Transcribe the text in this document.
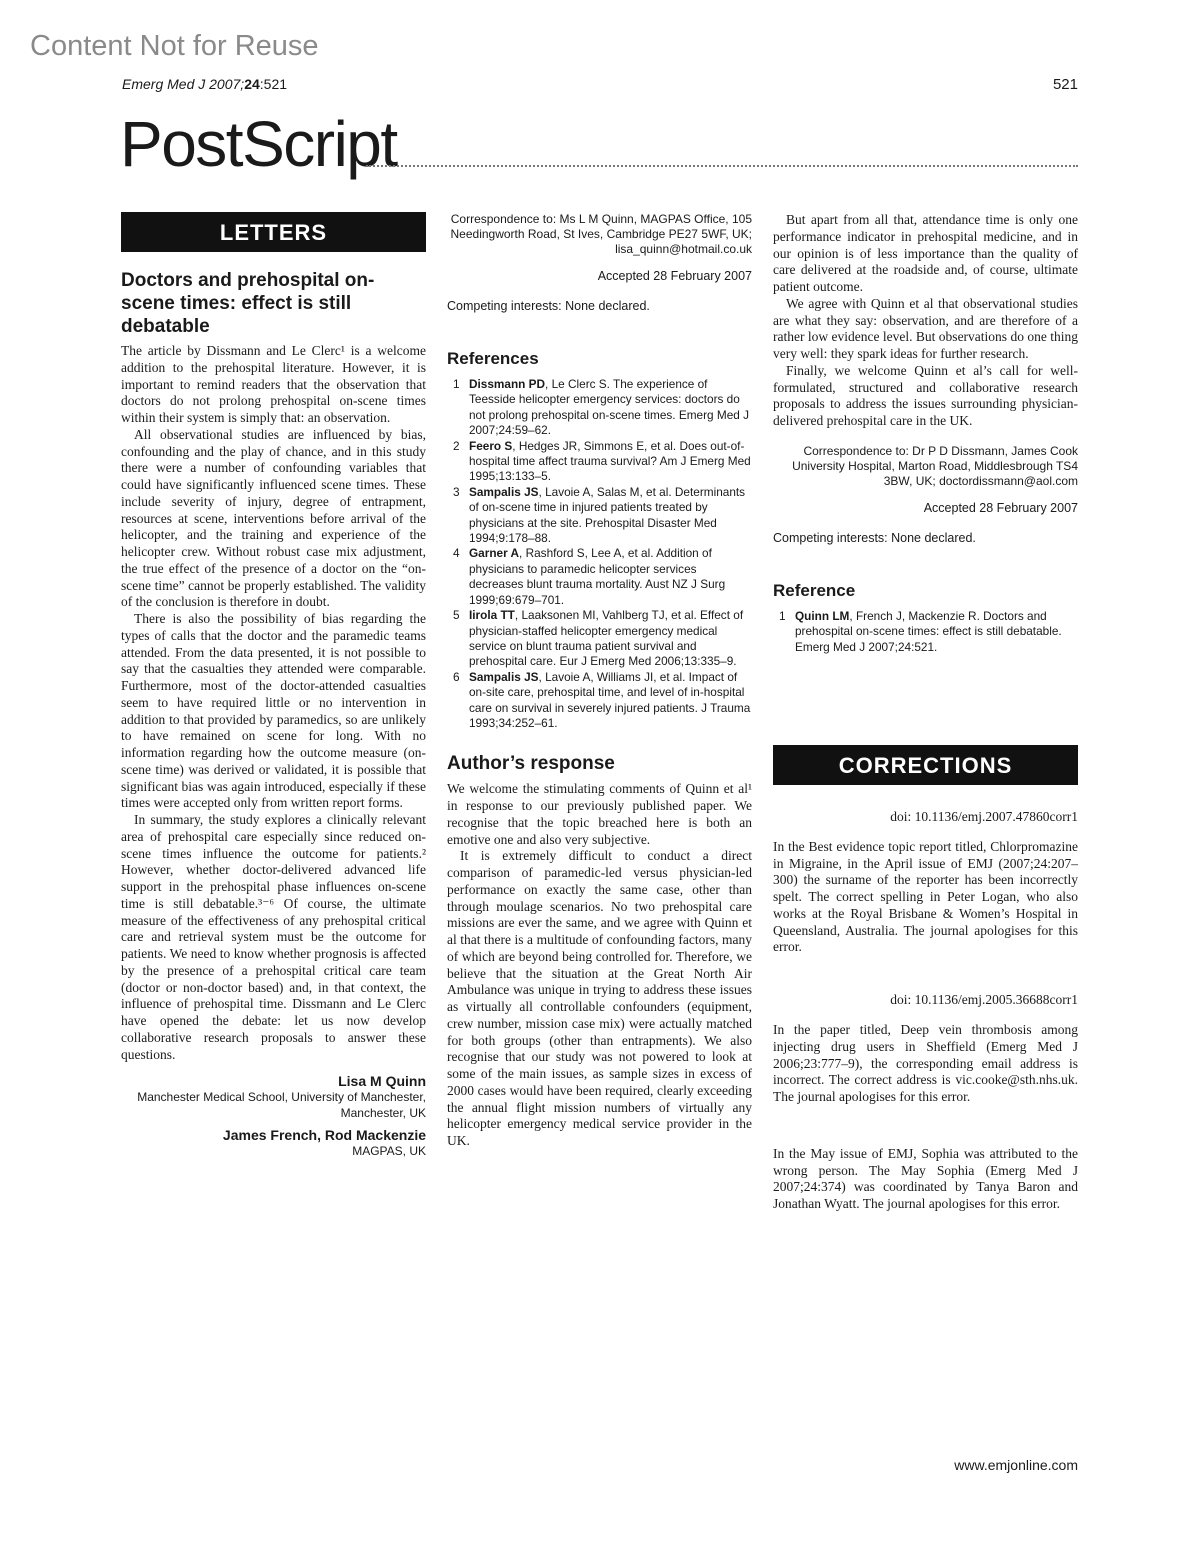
Content Not for Reuse
Emerg Med J 2007;24:521	521
PostScript
LETTERS
Doctors and prehospital on-scene times: effect is still debatable

The article by Dissmann and Le Clerc¹ is a welcome addition to the prehospital literature. However, it is important to remind readers that the observation that doctors do not prolong prehospital on-scene times within their system is simply that: an observation.

All observational studies are influenced by bias, confounding and the play of chance, and in this study there were a number of confounding variables that could have significantly influenced scene times. These include severity of injury, degree of entrapment, resources at scene, interventions before arrival of the helicopter, and the training and experience of the helicopter crew. Without robust case mix adjustment, the true effect of the presence of a doctor on the “on-scene time” cannot be properly established. The validity of the conclusion is therefore in doubt.

There is also the possibility of bias regarding the types of calls that the doctor and the paramedic teams attended. From the data presented, it is not possible to say that the casualties they attended were comparable. Furthermore, most of the doctor-attended casualties seem to have required little or no intervention in addition to that provided by paramedics, so are unlikely to have remained on scene for long. With no information regarding how the outcome measure (on-scene time) was derived or validated, it is possible that significant bias was again introduced, especially if these times were accepted only from written report forms.

In summary, the study explores a clinically relevant area of prehospital care especially since reduced on-scene times influence the outcome for patients.² However, whether doctor-delivered advanced life support in the prehospital phase influences on-scene time is still debatable.³⁻⁶ Of course, the ultimate measure of the effectiveness of any prehospital critical care and retrieval system must be the outcome for patients. We need to know whether prognosis is affected by the presence of a prehospital critical care team (doctor or non-doctor based) and, in that context, the influence of prehospital time. Dissmann and Le Clerc have opened the debate: let us now develop collaborative research proposals to answer these questions.

Lisa M Quinn
Manchester Medical School, University of Manchester, Manchester, UK
James French, Rod Mackenzie
MAGPAS, UK
Correspondence to: Ms L M Quinn, MAGPAS Office, 105 Needingworth Road, St Ives, Cambridge PE27 5WF, UK; lisa_quinn@hotmail.co.uk
Accepted 28 February 2007
Competing interests: None declared.
References
1 Dissmann PD, Le Clerc S. The experience of Teesside helicopter emergency services: doctors do not prolong prehospital on-scene times. Emerg Med J 2007;24:59–62.
2 Feero S, Hedges JR, Simmons E, et al. Does out-of-hospital time affect trauma survival? Am J Emerg Med 1995;13:133–5.
3 Sampalis JS, Lavoie A, Salas M, et al. Determinants of on-scene time in injured patients treated by physicians at the site. Prehospital Disaster Med 1994;9:178–88.
4 Garner A, Rashford S, Lee A, et al. Addition of physicians to paramedic helicopter services decreases blunt trauma mortality. Aust NZ J Surg 1999;69:679–701.
5 Iirola TT, Laaksonen MI, Vahlberg TJ, et al. Effect of physician-staffed helicopter emergency medical service on blunt trauma patient survival and prehospital care. Eur J Emerg Med 2006;13:335–9.
6 Sampalis JS, Lavoie A, Williams JI, et al. Impact of on-site care, prehospital time, and level of in-hospital care on survival in severely injured patients. J Trauma 1993;34:252–61.
Author’s response

We welcome the stimulating comments of Quinn et al¹ in response to our previously published paper. We recognise that the topic breached here is both an emotive one and also very subjective.

It is extremely difficult to conduct a direct comparison of paramedic-led versus physician-led performance on exactly the same case, other than through moulage scenarios. No two prehospital care missions are ever the same, and we agree with Quinn et al that there is a multitude of confounding factors, many of which are beyond being controlled for. Therefore, we believe that the situation at the Great North Air Ambulance was unique in trying to address these issues as virtually all controllable confounders (equipment, crew number, mission case mix) were actually matched for both groups (other than entrapments). We also recognise that our study was not powered to look at some of the main issues, as sample sizes in excess of 2000 cases would have been required, clearly exceeding the annual flight mission numbers of virtually any helicopter emergency medical service provider in the UK.

But apart from all that, attendance time is only one performance indicator in prehospital medicine, and in our opinion is of less importance than the quality of care delivered at the roadside and, of course, ultimate patient outcome.

We agree with Quinn et al that observational studies are what they say: observation, and are therefore of a rather low evidence level. But observations do one thing very well: they spark ideas for further research.

Finally, we welcome Quinn et al’s call for well-formulated, structured and collaborative research proposals to address the issues surrounding physician-delivered prehospital care in the UK.

Correspondence to: Dr P D Dissmann, James Cook University Hospital, Marton Road, Middlesbrough TS4 3BW, UK; doctordissmann@aol.com
Accepted 28 February 2007
Competing interests: None declared.
Reference
1 Quinn LM, French J, Mackenzie R. Doctors and prehospital on-scene times: effect is still debatable. Emerg Med J 2007;24:521.
CORRECTIONS
doi: 10.1136/emj.2007.47860corr1

In the Best evidence topic report titled, Chlorpromazine in Migraine, in the April issue of EMJ (2007;24:207–300) the surname of the reporter has been incorrectly spelt. The correct spelling in Peter Logan, who also works at the Royal Brisbane & Women’s Hospital in Queensland, Australia. The journal apologises for this error.

doi: 10.1136/emj.2005.36688corr1

In the paper titled, Deep vein thrombosis among injecting drug users in Sheffield (Emerg Med J 2006;23:777–9), the corresponding email address is incorrect. The correct address is vic.cooke@sth.nhs.uk. The journal apologises for this error.

In the May issue of EMJ, Sophia was attributed to the wrong person. The May Sophia (Emerg Med J 2007;24:374) was coordinated by Tanya Baron and Jonathan Wyatt. The journal apologises for this error.

www.emjonline.com
